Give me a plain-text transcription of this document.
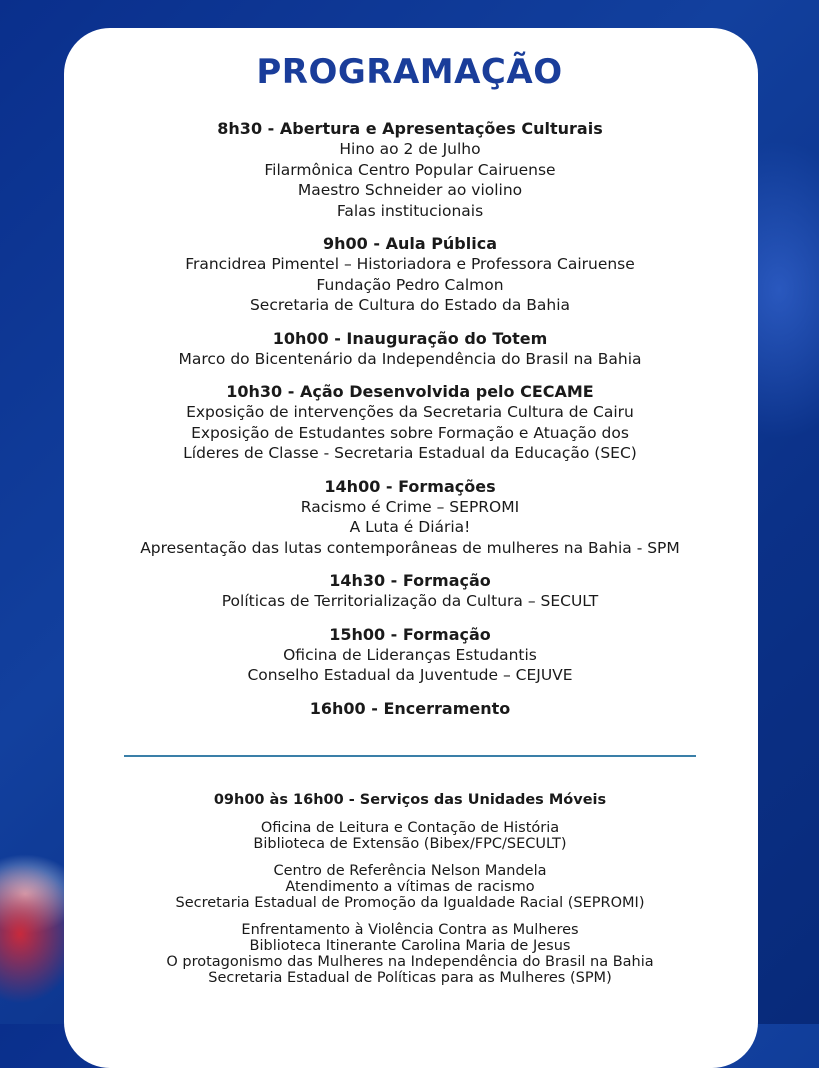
PROGRAMAÇÃO
8h30 - Abertura e Apresentações Culturais
Hino ao 2 de Julho
Filarmônica Centro Popular Cairuense
Maestro Schneider ao violino
Falas institucionais
9h00 - Aula Pública
Francidrea Pimentel – Historiadora e Professora Cairuense
Fundação Pedro Calmon
Secretaria de Cultura do Estado da Bahia
10h00 - Inauguração do Totem
Marco do Bicentenário da Independência do Brasil na Bahia
10h30 - Ação Desenvolvida pelo CECAME
Exposição de intervenções da Secretaria Cultura de Cairu
Exposição de Estudantes sobre Formação e Atuação dos
Líderes de Classe - Secretaria Estadual da Educação (SEC)
14h00 - Formações
Racismo é Crime – SEPROMI
A Luta é Diária!
Apresentação das lutas contemporâneas de mulheres na Bahia - SPM
14h30 - Formação
Políticas de Territorialização da Cultura – SECULT
15h00 - Formação
Oficina de Lideranças Estudantis
Conselho Estadual da Juventude – CEJUVE
16h00 - Encerramento
09h00 às 16h00 - Serviços das Unidades Móveis
Oficina de Leitura e Contação de História
Biblioteca de Extensão (Bibex/FPC/SECULT)
Centro de Referência Nelson Mandela
Atendimento a vítimas de racismo
Secretaria Estadual de Promoção da Igualdade Racial (SEPROMI)
Enfrentamento à Violência Contra as Mulheres
Biblioteca Itinerante Carolina Maria de Jesus
O protagonismo das Mulheres na Independência do Brasil na Bahia
Secretaria Estadual de Políticas para as Mulheres (SPM)
